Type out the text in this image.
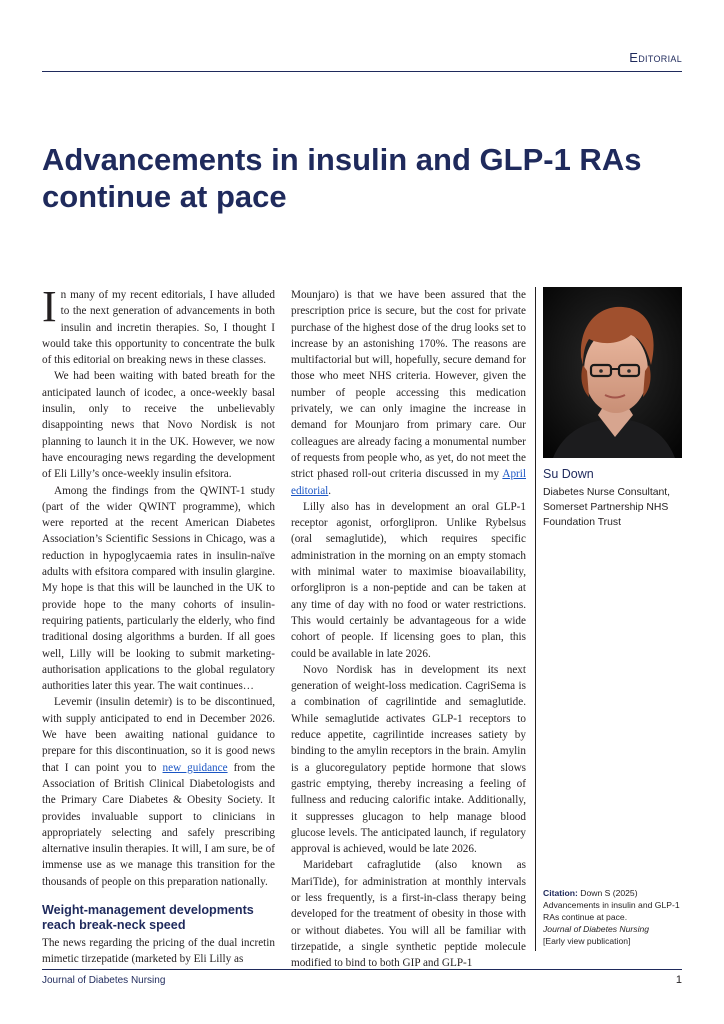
Editorial
Advancements in insulin and GLP-1 RAs
continue at pace

In many of my recent editorials, I have alluded to the next generation of advancements in both insulin and incretin therapies. So, I thought I would take this opportunity to concentrate the bulk of this editorial on breaking news in these classes.

We had been waiting with bated breath for the anticipated launch of icodec, a once-weekly basal insulin, only to receive the unbelievably disappointing news that Novo Nordisk is not planning to launch it in the UK. However, we now have encouraging news regarding the development of Eli Lilly’s once-weekly insulin efsitora.

Among the findings from the QWINT-1 study (part of the wider QWINT programme), which were reported at the recent American Diabetes Association’s Scientific Sessions in Chicago, was a reduction in hypoglycaemia rates in insulin-naïve adults with efsitora compared with insulin glargine. My hope is that this will be launched in the UK to provide hope to the many cohorts of insulin-requiring patients, particularly the elderly, who find traditional dosing algorithms a burden. If all goes well, Lilly will be looking to submit marketing-authorisation applications to the global regulatory authorities later this year. The wait continues…

Levemir (insulin detemir) is to be discontinued, with supply anticipated to end in December 2026. We have been awaiting national guidance to prepare for this discontinuation, so it is good news that I can point you to new guidance from the Association of British Clinical Diabetologists and the Primary Care Diabetes & Obesity Society. It provides invaluable support to clinicians in appropriately selecting and safely prescribing alternative insulin therapies. It will, I am sure, be of immense use as we manage this transition for the thousands of people on this preparation nationally.

Weight-management developments reach break-neck speed

The news regarding the pricing of the dual incretin mimetic tirzepatide (marketed by Eli Lilly as

Mounjaro) is that we have been assured that the prescription price is secure, but the cost for private purchase of the highest dose of the drug looks set to increase by an astonishing 170%. The reasons are multifactorial but will, hopefully, secure demand for those who meet NHS criteria. However, given the number of people accessing this medication privately, we can only imagine the increase in demand for Mounjaro from primary care. Our colleagues are already facing a monumental number of requests from people who, as yet, do not meet the strict phased roll-out criteria discussed in my April editorial.

Lilly also has in development an oral GLP-1 receptor agonist, orforglipron. Unlike Rybelsus (oral semaglutide), which requires specific administration in the morning on an empty stomach with minimal water to maximise bioavailability, orforglipron is a non-peptide and can be taken at any time of day with no food or water restrictions. This would certainly be advantageous for a wide cohort of people. If licensing goes to plan, this could be available in late 2026.

Novo Nordisk has in development its next generation of weight-loss medication. CagriSema is a combination of cagrilintide and semaglutide. While semaglutide activates GLP-1 receptors to reduce appetite, cagrilintide increases satiety by binding to the amylin receptors in the brain. Amylin is a glucoregulatory peptide hormone that slows gastric emptying, thereby increasing a feeling of fullness and reducing calorific intake. Additionally, it suppresses glucagon to help manage blood glucose levels. The anticipated launch, if regulatory approval is achieved, would be late 2026.

Maridebart cafraglutide (also known as MariTide), for administration at monthly intervals or less frequently, is a first-in-class therapy being developed for the treatment of obesity in those with or without diabetes. You will all be familiar with tirzepatide, a single synthetic peptide molecule modified to bind to both GIP and GLP-1

Su Down
Diabetes Nurse Consultant, Somerset Partnership NHS Foundation Trust
Citation: Down S (2025) Advancements in insulin and GLP-1 RAs continue at pace.
Journal of Diabetes Nursing
[Early view publication]
Journal of Diabetes Nursing	1
